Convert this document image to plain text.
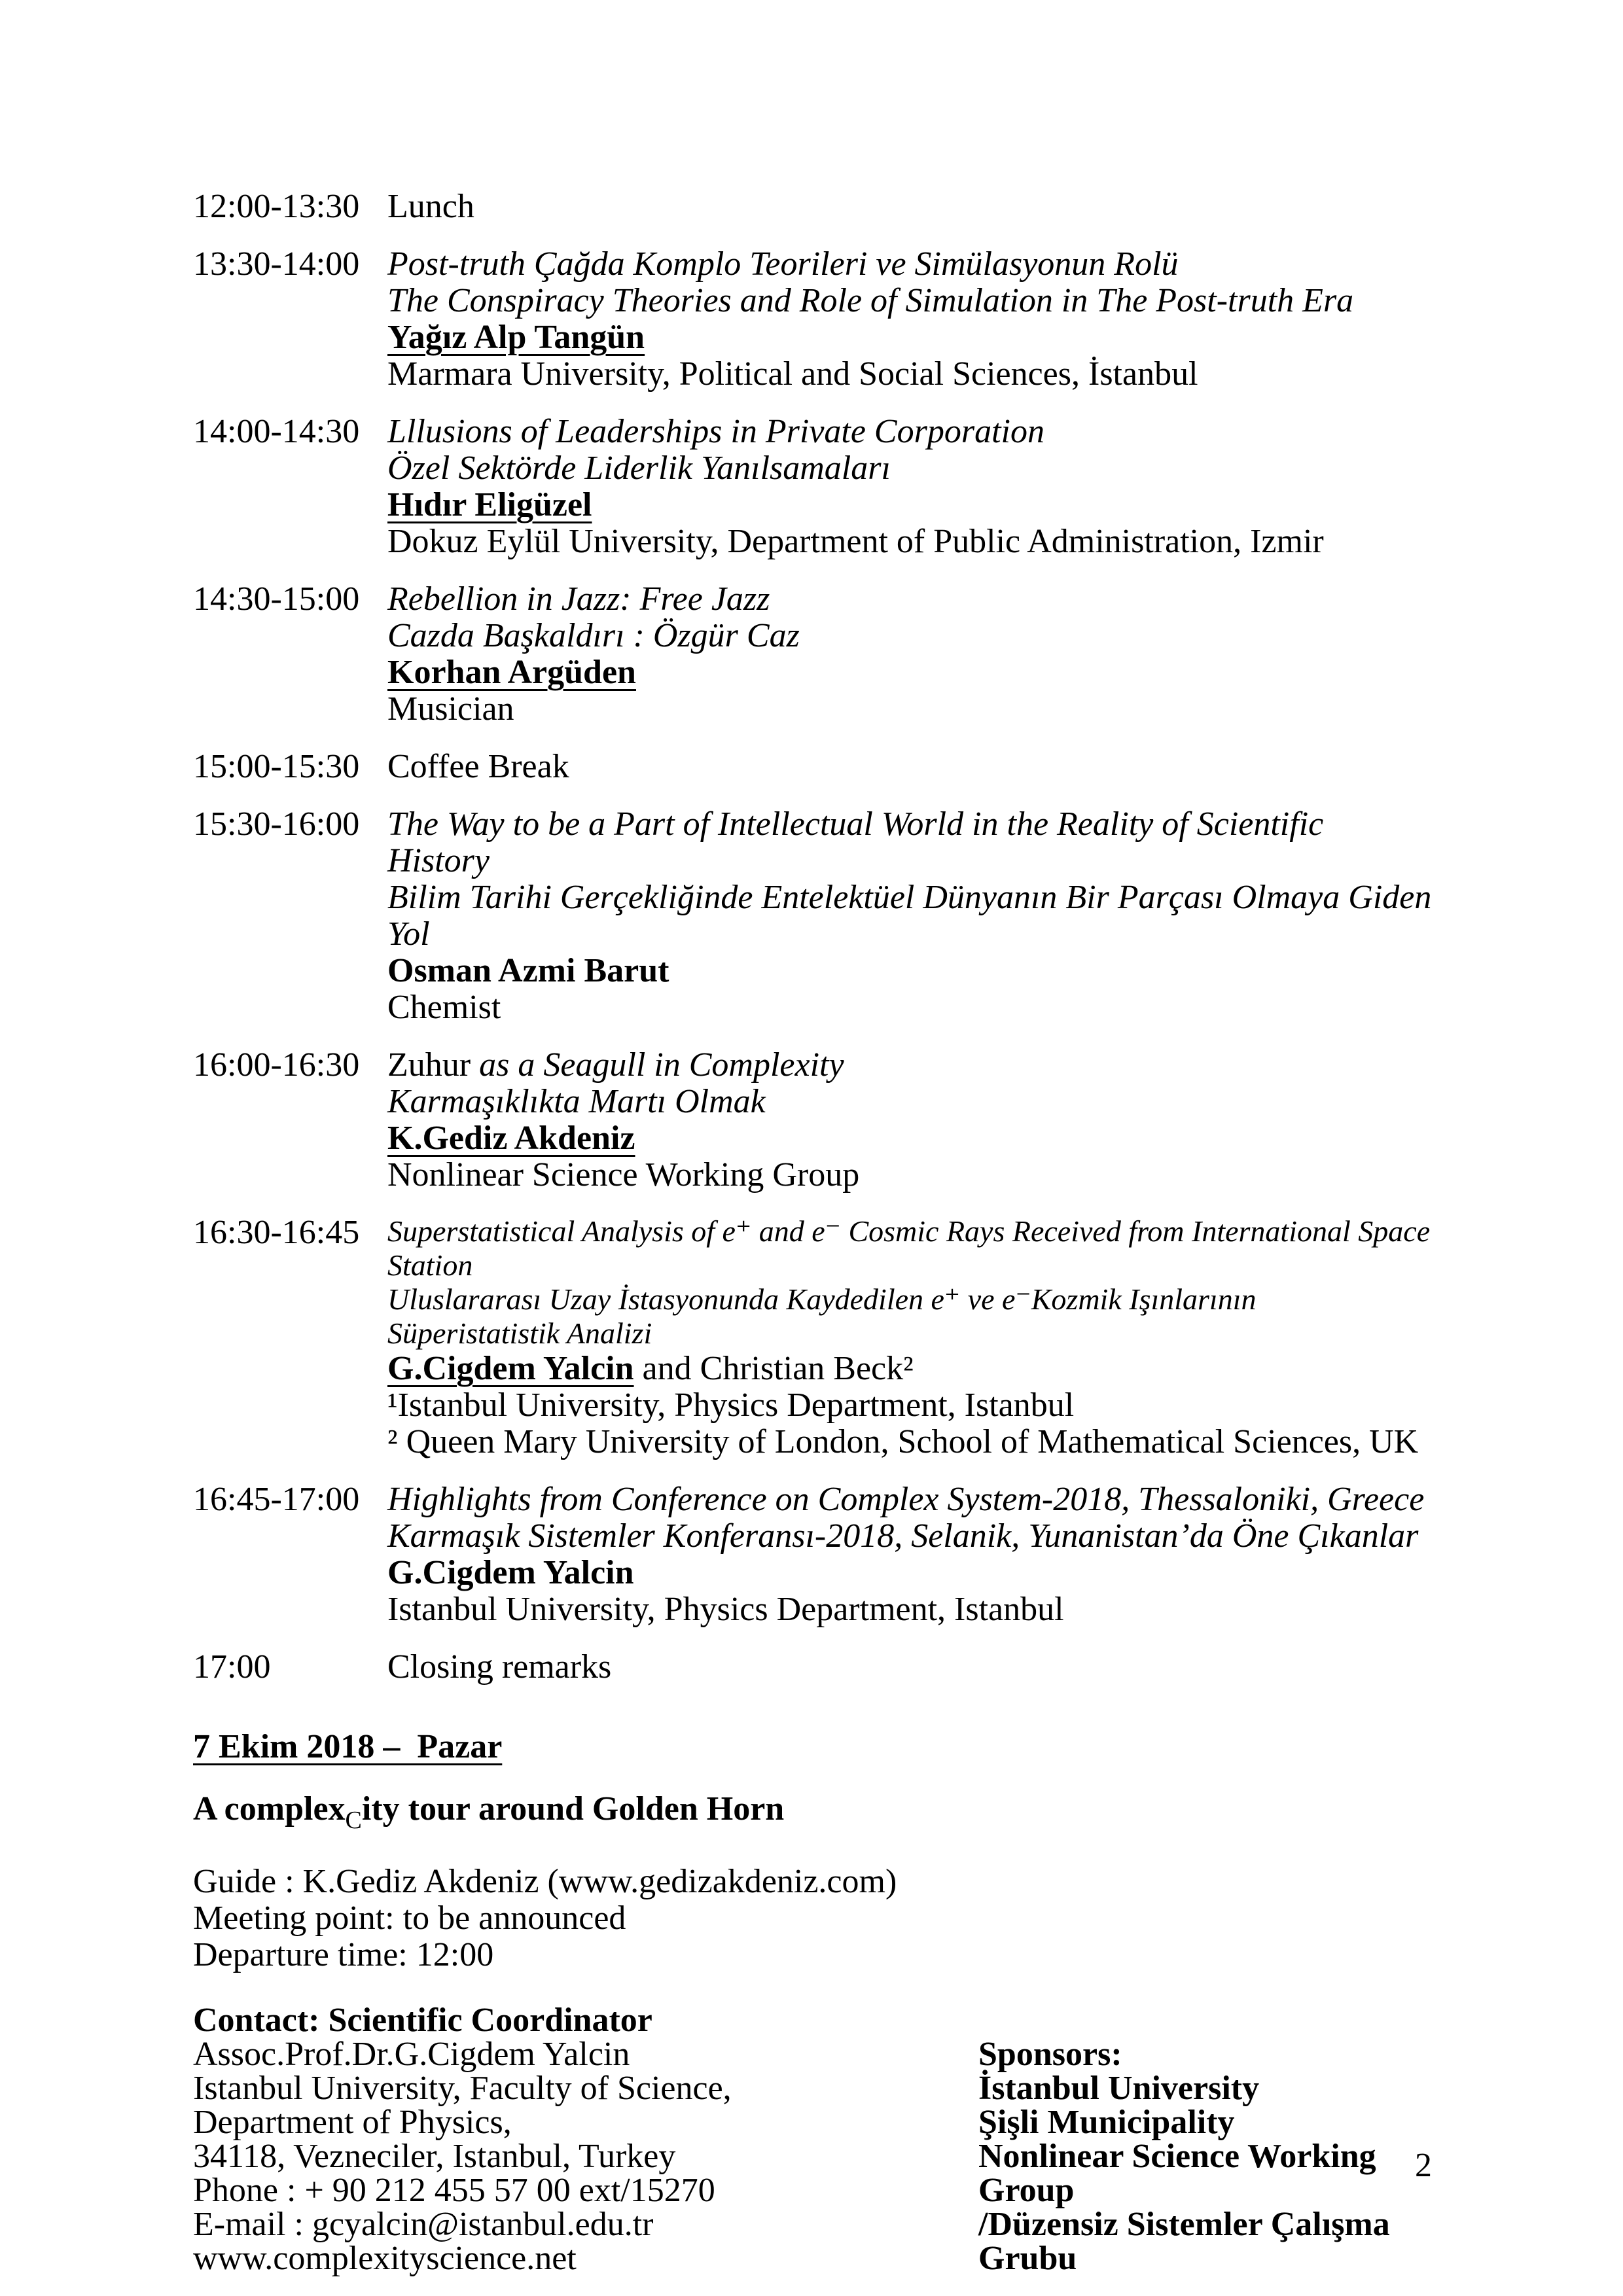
12:00-13:30 Lunch
13:30-14:00 Post-truth Çağda Komplo Teorileri ve Simülasyonun Rolü
The Conspiracy Theories and Role of Simulation in The Post-truth Era
Yağız Alp Tangün
Marmara University, Political and Social Sciences, İstanbul
14:00-14:30 Lllusions of Leaderships in Private Corporation
Özel Sektörde Liderlik Yanılsamaları
Hıdır Eligüzel
Dokuz Eylül University, Department of Public Administration, Izmir
14:30-15:00 Rebellion in Jazz: Free Jazz
Cazda Başkaldırı : Özgür Caz
Korhan Argüden
Musician
15:00-15:30 Coffee Break
15:30-16:00 The Way to be a Part of Intellectual World in the Reality of Scientific History
Bilim Tarihi Gerçekliğinde Entelektüel Dünyanın Bir Parçası Olmaya Giden Yol
Osman Azmi Barut
Chemist
16:00-16:30 Zuhur as a Seagull in Complexity
Karmaşıklıkta Martı Olmak
K.Gediz Akdeniz
Nonlinear Science Working Group
16:30-16:45 Superstatistical Analysis of e⁺ and e⁻ Cosmic Rays Received from International Space Station
Uluslararası Uzay İstasyonunda Kaydedilen e⁺ ve e⁻Kozmik Işınlarının Süperistatistik Analizi
G.Cigdem Yalcin and Christian Beck²
¹Istanbul University, Physics Department, Istanbul
² Queen Mary University of London, School of Mathematical Sciences, UK
16:45-17:00 Highlights from Conference on Complex System-2018, Thessaloniki, Greece
Karmaşık Sistemler Konferansı-2018, Selanik, Yunanistan’da Öne Çıkanlar
G.Cigdem Yalcin
Istanbul University, Physics Department, Istanbul
17:00	Closing remarks
7 Ekim 2018 –  Pazar
A complex$_C$ity tour around Golden Horn
Guide : K.Gediz Akdeniz (www.gedizakdeniz.com)
Meeting point: to be announced
Departure time: 12:00
Contact: Scientific Coordinator
Assoc.Prof.Dr.G.Cigdem Yalcin
Istanbul University, Faculty of Science,
Department of Physics,
34118, Vezneciler, Istanbul, Turkey
Phone : + 90 212 455 57 00 ext/15270
E-mail : gcyalcin@istanbul.edu.tr
www.complexityscience.net
Sponsors:
İstanbul University
Şişli Municipality
Nonlinear Science Working Group
/Düzensiz Sistemler Çalışma Grubu
2
